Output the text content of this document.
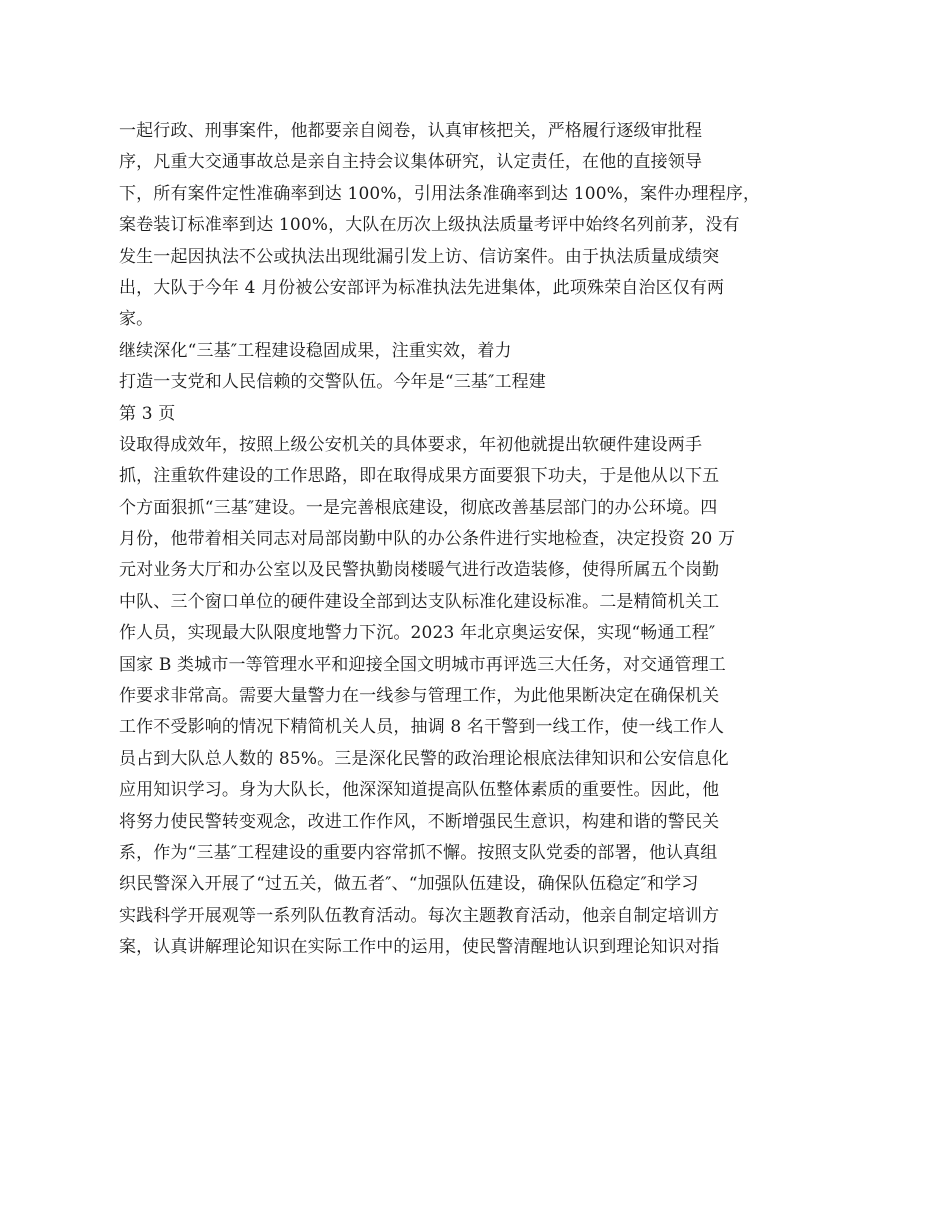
一起行政、刑事案件，他都要亲自阅卷，认真审核把关，严格履行逐级审批程
序，凡重大交通事故总是亲自主持会议集体研究，认定责任，在他的直接领导
下，所有案件定性准确率到达 100%，引用法条准确率到达 100%，案件办理程序，
案卷装订标准率到达 100%，大队在历次上级执法质量考评中始终名列前茅，没有
发生一起因执法不公或执法出现纰漏引发上访、信访案件。由于执法质量成绩突
出，大队于今年 4 月份被公安部评为标准执法先进集体，此项殊荣自治区仅有两
家。
继续深化“三基″工程建设稳固成果，注重实效，着力
打造一支党和人民信赖的交警队伍。今年是“三基″工程建
第 3 页
设取得成效年，按照上级公安机关的具体要求，年初他就提出软硬件建设两手
抓，注重软件建设的工作思路，即在取得成果方面要狠下功夫，于是他从以下五
个方面狠抓“三基″建设。一是完善根底建设，彻底改善基层部门的办公环境。四
月份，他带着相关同志对局部岗勤中队的办公条件进行实地检查，决定投资 20 万
元对业务大厅和办公室以及民警执勤岗楼暖气进行改造装修，使得所属五个岗勤
中队、三个窗口单位的硬件建设全部到达支队标准化建设标准。二是精简机关工
作人员，实现最大队限度地警力下沉。2023 年北京奥运安保，实现“畅通工程″
国家 B 类城市一等管理水平和迎接全国文明城市再评选三大任务，对交通管理工
作要求非常高。需要大量警力在一线参与管理工作，为此他果断决定在确保机关
工作不受影响的情况下精简机关人员，抽调 8 名干警到一线工作，使一线工作人
员占到大队总人数的 85%。三是深化民警的政治理论根底法律知识和公安信息化
应用知识学习。身为大队长，他深深知道提高队伍整体素质的重要性。因此，他
将努力使民警转变观念，改进工作作风，不断增强民生意识，构建和谐的警民关
系，作为“三基″工程建设的重要内容常抓不懈。按照支队党委的部署，他认真组
织民警深入开展了“过五关，做五者″、“加强队伍建设，确保队伍稳定″和学习
实践科学开展观等一系列队伍教育活动。每次主题教育活动，他亲自制定培训方
案，认真讲解理论知识在实际工作中的运用，使民警清醒地认识到理论知识对指
